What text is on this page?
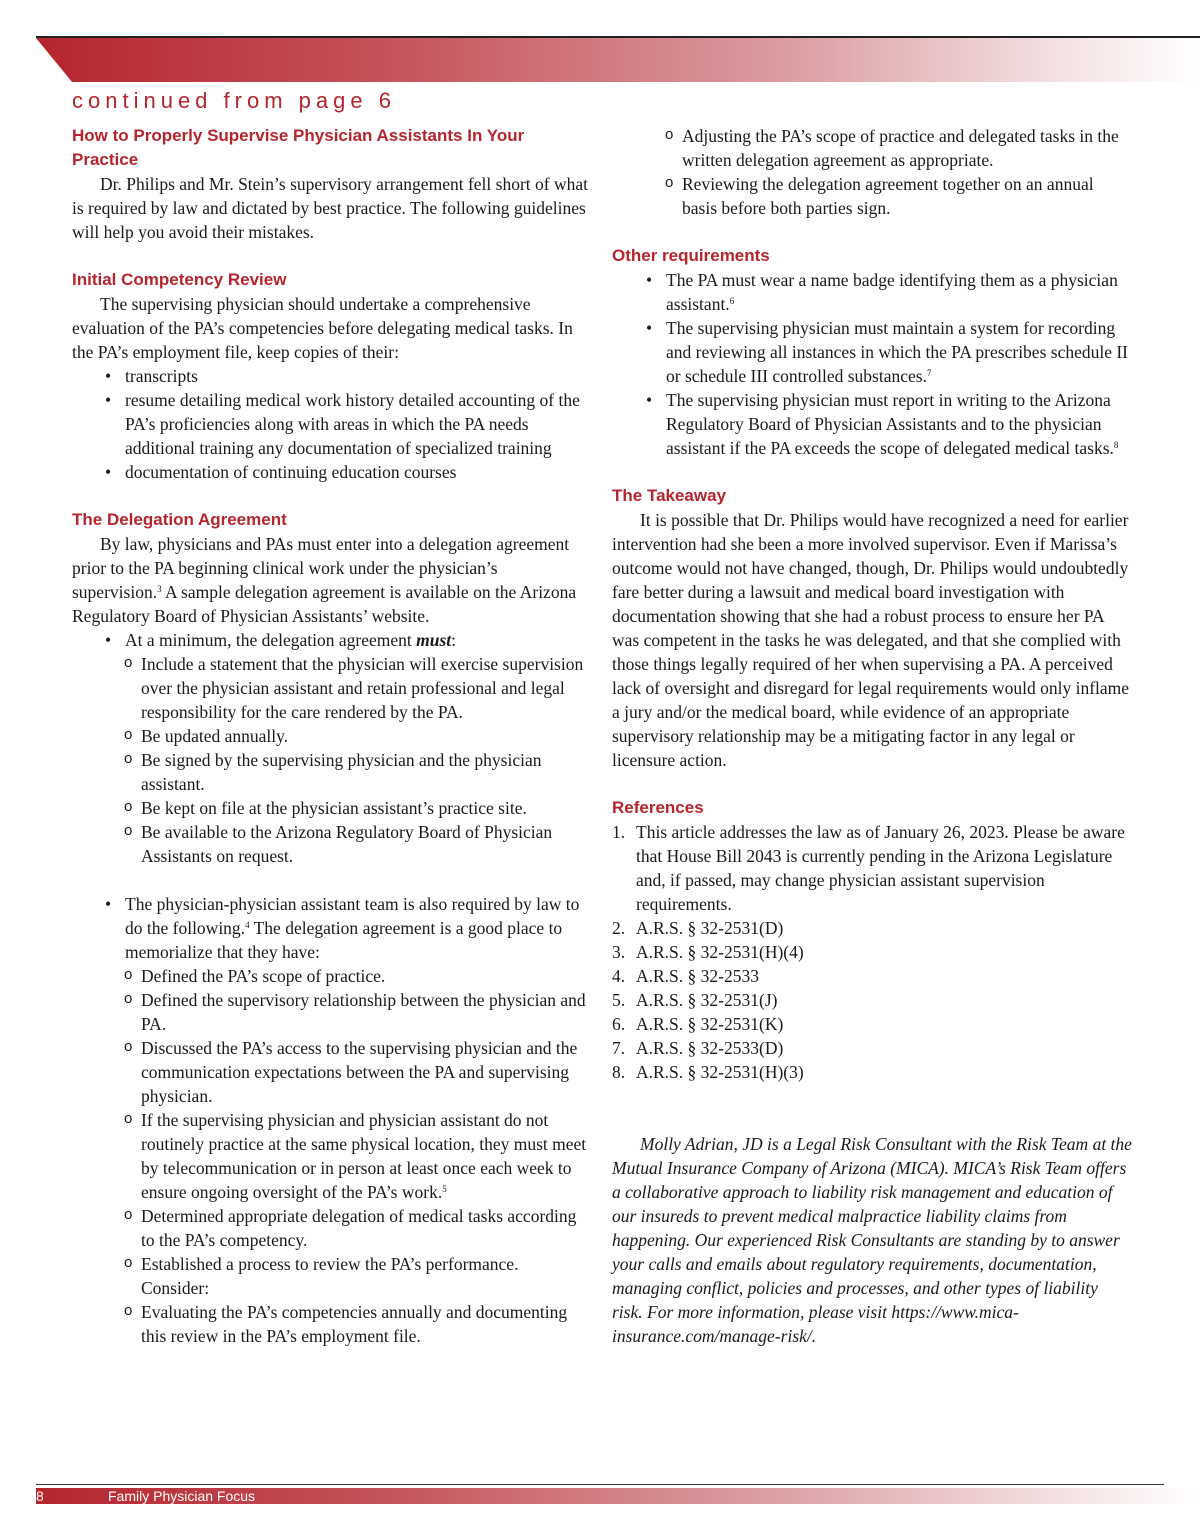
continued from page 6
How to Properly Supervise Physician Assistants In Your Practice

Dr. Philips and Mr. Stein’s supervisory arrangement fell short of what is required by law and dictated by best practice. The following guidelines will help you avoid their mistakes.

Initial Competency Review

The supervising physician should undertake a comprehensive evaluation of the PA’s competencies before delegating medical tasks. In the PA’s employment file, keep copies of their:

• transcripts
• resume detailing medical work history detailed accounting of the PA’s proficiencies along with areas in which the PA needs additional training any documentation of specialized training
• documentation of continuing education courses
The Delegation Agreement

By law, physicians and PAs must enter into a delegation agreement prior to the PA beginning clinical work under the physician’s supervision.$^3$ A sample delegation agreement is available on the Arizona Regulatory Board of Physician Assistants’ website.

• At a minimum, the delegation agreement must:
o Include a statement that the physician will exercise supervision over the physician assistant and retain professional and legal responsibility for the care rendered by the PA.
o Be updated annually.
o Be signed by the supervising physician and the physician assistant.
o Be kept on file at the physician assistant’s practice site.
o Be available to the Arizona Regulatory Board of Physician Assistants on request.
• The physician-physician assistant team is also required by law to do the following.$^4$ The delegation agreement is a good place to memorialize that they have:
o Defined the PA’s scope of practice.
o Defined the supervisory relationship between the physician and PA.
o Discussed the PA’s access to the supervising physician and the communication expectations between the PA and supervising physician.
o If the supervising physician and physician assistant do not routinely practice at the same physical location, they must meet by telecommunication or in person at least once each week to ensure ongoing oversight of the PA’s work.$^5$
o Determined appropriate delegation of medical tasks according to the PA’s competency.
o Established a process to review the PA’s performance. Consider:
o Evaluating the PA’s competencies annually and documenting this review in the PA’s employment file.
o Adjusting the PA’s scope of practice and delegated tasks in the written delegation agreement as appropriate.
o Reviewing the delegation agreement together on an annual basis before both parties sign.
Other requirements
• The PA must wear a name badge identifying them as a physician assistant.$^6$
• The supervising physician must maintain a system for recording and reviewing all instances in which the PA prescribes schedule II or schedule III controlled substances.$^7$
• The supervising physician must report in writing to the Arizona Regulatory Board of Physician Assistants and to the physician assistant if the PA exceeds the scope of delegated medical tasks.$^8$
The Takeaway

It is possible that Dr. Philips would have recognized a need for earlier intervention had she been a more involved supervisor. Even if Marissa’s outcome would not have changed, though, Dr. Philips would undoubtedly fare better during a lawsuit and medical board investigation with documentation showing that she had a robust process to ensure her PA was competent in the tasks he was delegated, and that she complied with those things legally required of her when supervising a PA. A perceived lack of oversight and disregard for legal requirements would only inflame a jury and/or the medical board, while evidence of an appropriate supervisory relationship may be a mitigating factor in any legal or licensure action.

References
1. This article addresses the law as of January 26, 2023. Please be aware that House Bill 2043 is currently pending in the Arizona Legislature and, if passed, may change physician assistant supervision requirements.
2. A.R.S. § 32-2531(D)
3. A.R.S. § 32-2531(H)(4)
4. A.R.S. § 32-2533
5. A.R.S. § 32-2531(J)
6. A.R.S. § 32-2531(K)
7. A.R.S. § 32-2533(D)
8. A.R.S. § 32-2531(H)(3)

Molly Adrian, JD is a Legal Risk Consultant with the Risk Team at the Mutual Insurance Company of Arizona (MICA). MICA’s Risk Team offers a collaborative approach to liability risk management and education of our insureds to prevent medical malpractice liability claims from happening. Our experienced Risk Consultants are standing by to answer your calls and emails about regulatory requirements, documentation, managing conflict, policies and processes, and other types of liability risk. For more information, please visit https://www.mica-insurance.com/manage-risk/.

8	Family Physician Focus
